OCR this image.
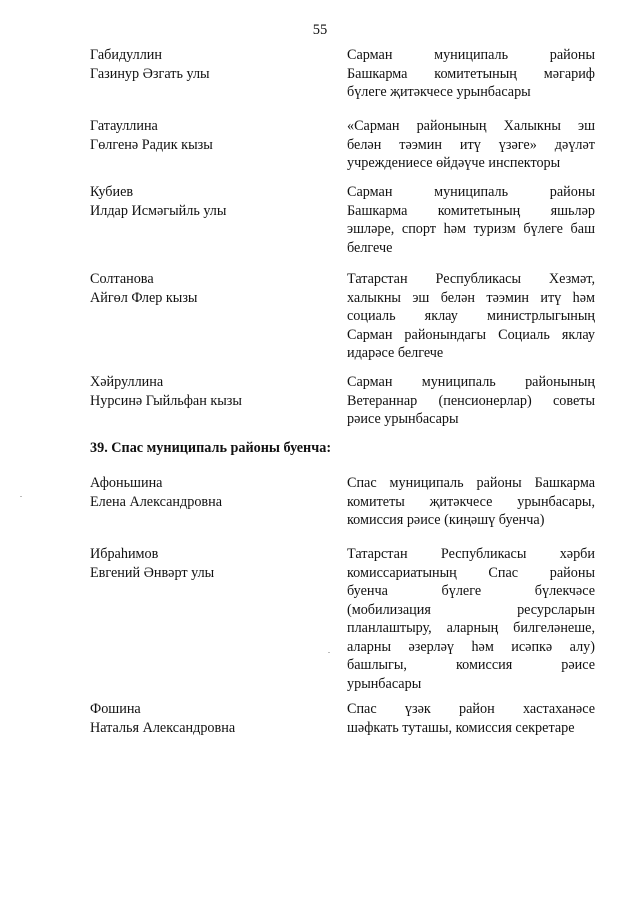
55
Габидуллин
Газинур Әзгать улы
Сарман муниципаль районы
Башкарма комитетының мәгариф
бүлеге җитәкчесе урынбасары
Гатауллина
Гөлгенә Радик кызы
«Сарман районының Халыкны эш
белән тәэмин итү үзәге» дәүләт
учреждениесе өйдәүче инспекторы
Кубиев
Илдар Исмәгыйль улы
Сарман муниципаль районы
Башкарма комитетының яшьләр
эшләре, спорт һәм туризм бүлеге баш
белгече
Солтанова
Айгөл Флер кызы
Татарстан Республикасы Хезмәт,
халыкны эш белән тәэмин итү һәм
социаль яклау министрлыгының
Сарман районындагы Социаль яклау
идарәсе белгече
Хәйруллина
Нурсинә Гыйльфан кызы
Сарман муниципаль районының
Ветераннар (пенсионерлар) советы
рәисе урынбасары
39. Спас муниципаль районы буенча:
Афоньшина
Елена Александровна
Спас муниципаль районы Башкарма
комитеты җитәкчесе урынбасары,
комиссия рәисе (киңәшү буенча)
Ибраһимов
Евгений Әнвәрт улы
Татарстан Республикасы хәрби
комиссариатының Спас районы
буенча бүлеге бүлекчәсе
(мобилизация ресурсларын
планлаштыру, аларның билгеләнеше,
аларны әзерләү һәм исәпкә алу)
башлыгы, комиссия рәисе
урынбасары
Фошина
Наталья Александровна
Спас үзәк район хастаханәсе
шәфкать туташы, комиссия секретаре
